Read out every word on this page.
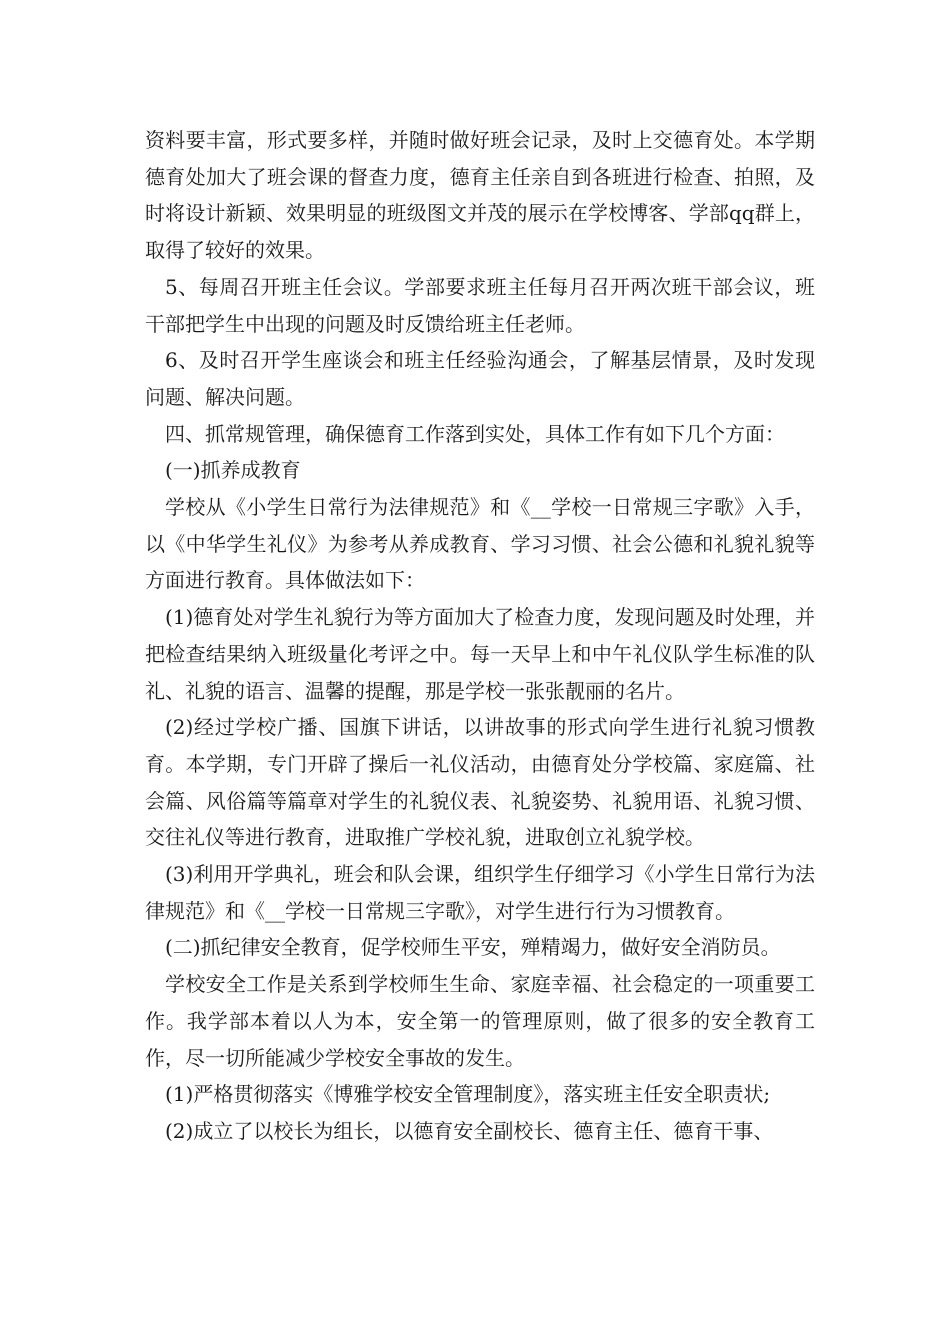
资料要丰富，形式要多样，并随时做好班会记录，及时上交德育处。本学期德育处加大了班会课的督查力度，德育主任亲自到各班进行检查、拍照，及时将设计新颖、效果明显的班级图文并茂的展示在学校博客、学部qq群上，取得了较好的效果。

5、每周召开班主任会议。学部要求班主任每月召开两次班干部会议，班干部把学生中出现的问题及时反馈给班主任老师。

6、及时召开学生座谈会和班主任经验沟通会，了解基层情景，及时发现问题、解决问题。

四、抓常规管理，确保德育工作落到实处，具体工作有如下几个方面：

(一)抓养成教育

学校从《小学生日常行为法律规范》和《__学校一日常规三字歌》入手，以《中华学生礼仪》为参考从养成教育、学习习惯、社会公德和礼貌礼貌等方面进行教育。具体做法如下：

(1)德育处对学生礼貌行为等方面加大了检查力度，发现问题及时处理，并把检查结果纳入班级量化考评之中。每一天早上和中午礼仪队学生标准的队礼、礼貌的语言、温馨的提醒，那是学校一张张靓丽的名片。

(2)经过学校广播、国旗下讲话，以讲故事的形式向学生进行礼貌习惯教育。本学期，专门开辟了操后一礼仪活动，由德育处分学校篇、家庭篇、社会篇、风俗篇等篇章对学生的礼貌仪表、礼貌姿势、礼貌用语、礼貌习惯、交往礼仪等进行教育，进取推广学校礼貌，进取创立礼貌学校。

(3)利用开学典礼，班会和队会课，组织学生仔细学习《小学生日常行为法律规范》和《__学校一日常规三字歌》，对学生进行行为习惯教育。

(二)抓纪律安全教育，促学校师生平安，殚精竭力，做好安全消防员。

学校安全工作是关系到学校师生生命、家庭幸福、社会稳定的一项重要工作。我学部本着以人为本，安全第一的管理原则，做了很多的安全教育工作，尽一切所能减少学校安全事故的发生。

(1)严格贯彻落实《博雅学校安全管理制度》，落实班主任安全职责状;

(2)成立了以校长为组长，以德育安全副校长、德育主任、德育干事、
